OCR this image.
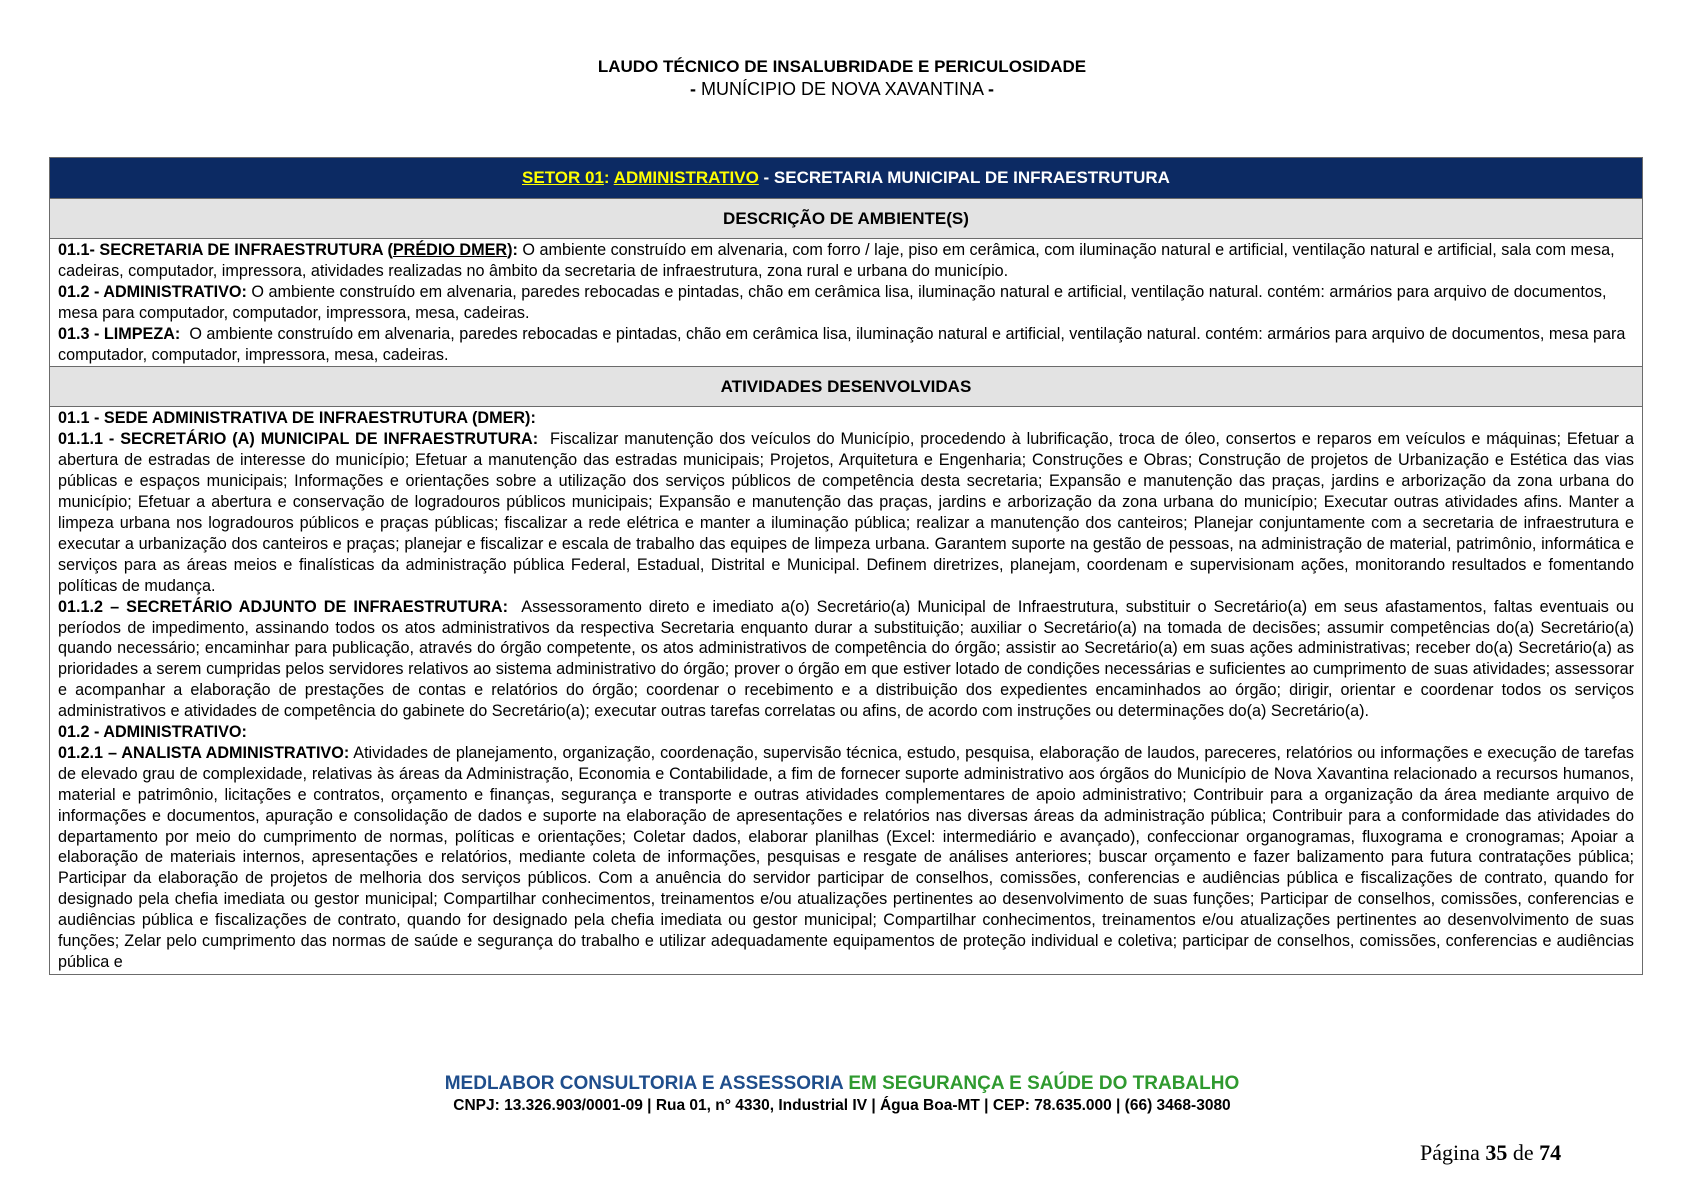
LAUDO TÉCNICO DE INSALUBRIDADE E PERICULOSIDADE
- MUNÍCIPIO DE NOVA XAVANTINA -
SETOR 01: ADMINISTRATIVO - SECRETARIA MUNICIPAL DE INFRAESTRUTURA
DESCRIÇÃO DE AMBIENTE(S)

01.1- SECRETARIA DE INFRAESTRUTURA (PRÉDIO DMER): O ambiente construído em alvenaria, com forro / laje, piso em cerâmica, com iluminação natural e artificial, ventilação natural e artificial, sala com mesa, cadeiras, computador, impressora, atividades realizadas no âmbito da secretaria de infraestrutura, zona rural e urbana do município.

01.2 - ADMINISTRATIVO: O ambiente construído em alvenaria, paredes rebocadas e pintadas, chão em cerâmica lisa, iluminação natural e artificial, ventilação natural. contém: armários para arquivo de documentos, mesa para computador, computador, impressora, mesa, cadeiras.

01.3 - LIMPEZA: O ambiente construído em alvenaria, paredes rebocadas e pintadas, chão em cerâmica lisa, iluminação natural e artificial, ventilação natural. contém: armários para arquivo de documentos, mesa para computador, computador, impressora, mesa, cadeiras.

ATIVIDADES DESENVOLVIDAS

01.1 - SEDE ADMINISTRATIVA DE INFRAESTRUTURA (DMER):

01.1.1 - SECRETÁRIO (A) MUNICIPAL DE INFRAESTRUTURA: Fiscalizar manutenção dos veículos do Município, procedendo à lubrificação, troca de óleo, consertos e reparos em veículos e máquinas; Efetuar a abertura de estradas de interesse do município; Efetuar a manutenção das estradas municipais; Projetos, Arquitetura e Engenharia; Construções e Obras; Construção de projetos de Urbanização e Estética das vias públicas e espaços municipais; Informações e orientações sobre a utilização dos serviços públicos de competência desta secretaria; Expansão e manutenção das praças, jardins e arborização da zona urbana do município; Efetuar a abertura e conservação de logradouros públicos municipais; Expansão e manutenção das praças, jardins e arborização da zona urbana do município; Executar outras atividades afins. Manter a limpeza urbana nos logradouros públicos e praças públicas; fiscalizar a rede elétrica e manter a iluminação pública; realizar a manutenção dos canteiros; Planejar conjuntamente com a secretaria de infraestrutura e executar a urbanização dos canteiros e praças; planejar e fiscalizar e escala de trabalho das equipes de limpeza urbana. Garantem suporte na gestão de pessoas, na administração de material, patrimônio, informática e serviços para as áreas meios e finalísticas da administração pública Federal, Estadual, Distrital e Municipal. Definem diretrizes, planejam, coordenam e supervisionam ações, monitorando resultados e fomentando políticas de mudança.

01.1.2 – SECRETÁRIO ADJUNTO DE INFRAESTRUTURA: Assessoramento direto e imediato a(o) Secretário(a) Municipal de Infraestrutura, substituir o Secretário(a) em seus afastamentos, faltas eventuais ou períodos de impedimento, assinando todos os atos administrativos da respectiva Secretaria enquanto durar a substituição; auxiliar o Secretário(a) na tomada de decisões; assumir competências do(a) Secretário(a) quando necessário; encaminhar para publicação, através do órgão competente, os atos administrativos de competência do órgão; assistir ao Secretário(a) em suas ações administrativas; receber do(a) Secretário(a) as prioridades a serem cumpridas pelos servidores relativos ao sistema administrativo do órgão; prover o órgão em que estiver lotado de condições necessárias e suficientes ao cumprimento de suas atividades; assessorar e acompanhar a elaboração de prestações de contas e relatórios do órgão; coordenar o recebimento e a distribuição dos expedientes encaminhados ao órgão; dirigir, orientar e coordenar todos os serviços administrativos e atividades de competência do gabinete do Secretário(a); executar outras tarefas correlatas ou afins, de acordo com instruções ou determinações do(a) Secretário(a).

01.2 - ADMINISTRATIVO:

01.2.1 – ANALISTA ADMINISTRATIVO: Atividades de planejamento, organização, coordenação, supervisão técnica, estudo, pesquisa, elaboração de laudos, pareceres, relatórios ou informações e execução de tarefas de elevado grau de complexidade, relativas às áreas da Administração, Economia e Contabilidade, a fim de fornecer suporte administrativo aos órgãos do Município de Nova Xavantina relacionado a recursos humanos, material e patrimônio, licitações e contratos, orçamento e finanças, segurança e transporte e outras atividades complementares de apoio administrativo; Contribuir para a organização da área mediante arquivo de informações e documentos, apuração e consolidação de dados e suporte na elaboração de apresentações e relatórios nas diversas áreas da administração pública; Contribuir para a conformidade das atividades do departamento por meio do cumprimento de normas, políticas e orientações; Coletar dados, elaborar planilhas (Excel: intermediário e avançado), confeccionar organogramas, fluxograma e cronogramas; Apoiar a elaboração de materiais internos, apresentações e relatórios, mediante coleta de informações, pesquisas e resgate de análises anteriores; buscar orçamento e fazer balizamento para futura contratações pública; Participar da elaboração de projetos de melhoria dos serviços públicos. Com a anuência do servidor participar de conselhos, comissões, conferencias e audiências pública e fiscalizações de contrato, quando for designado pela chefia imediata ou gestor municipal; Compartilhar conhecimentos, treinamentos e/ou atualizações pertinentes ao desenvolvimento de suas funções; Participar de conselhos, comissões, conferencias e audiências pública e fiscalizações de contrato, quando for designado pela chefia imediata ou gestor municipal; Compartilhar conhecimentos, treinamentos e/ou atualizações pertinentes ao desenvolvimento de suas funções; Zelar pelo cumprimento das normas de saúde e segurança do trabalho e utilizar adequadamente equipamentos de proteção individual e coletiva; participar de conselhos, comissões, conferencias e audiências pública e

MEDLABOR CONSULTORIA E ASSESSORIA EM SEGURANÇA E SAÚDE DO TRABALHO
CNPJ: 13.326.903/0001-09 | Rua 01, n° 4330, Industrial IV | Água Boa-MT | CEP: 78.635.000 | (66) 3468-3080
Página 35 de 74
